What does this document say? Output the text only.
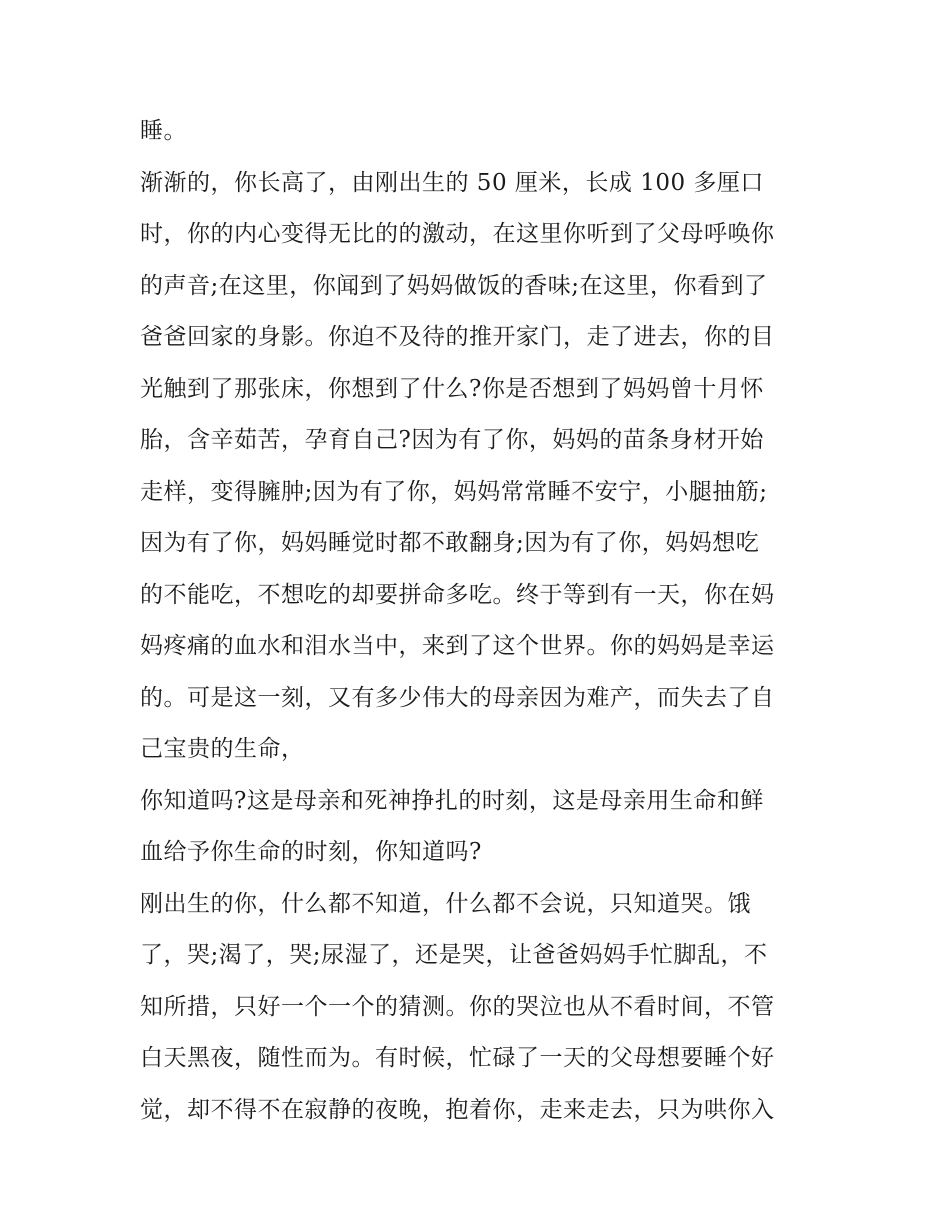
睡。
渐渐的，你长高了，由刚出生的 50 厘米，长成 100 多厘口
时，你的内心变得无比的的激动，在这里你听到了父母呼唤你
的声音;在这里，你闻到了妈妈做饭的香味;在这里，你看到了
爸爸回家的身影。你迫不及待的推开家门，走了进去，你的目
光触到了那张床，你想到了什么?你是否想到了妈妈曾十月怀
胎，含辛茹苦，孕育自己?因为有了你，妈妈的苗条身材开始
走样，变得臃肿;因为有了你，妈妈常常睡不安宁，小腿抽筋;
因为有了你，妈妈睡觉时都不敢翻身;因为有了你，妈妈想吃
的不能吃，不想吃的却要拼命多吃。终于等到有一天，你在妈
妈疼痛的血水和泪水当中，来到了这个世界。你的妈妈是幸运
的。可是这一刻，又有多少伟大的母亲因为难产，而失去了自
己宝贵的生命，
你知道吗?这是母亲和死神挣扎的时刻，这是母亲用生命和鲜
血给予你生命的时刻，你知道吗?
刚出生的你，什么都不知道，什么都不会说，只知道哭。饿
了，哭;渴了，哭;尿湿了，还是哭，让爸爸妈妈手忙脚乱，不
知所措，只好一个一个的猜测。你的哭泣也从不看时间，不管
白天黑夜，随性而为。有时候，忙碌了一天的父母想要睡个好
觉，却不得不在寂静的夜晚，抱着你，走来走去，只为哄你入
